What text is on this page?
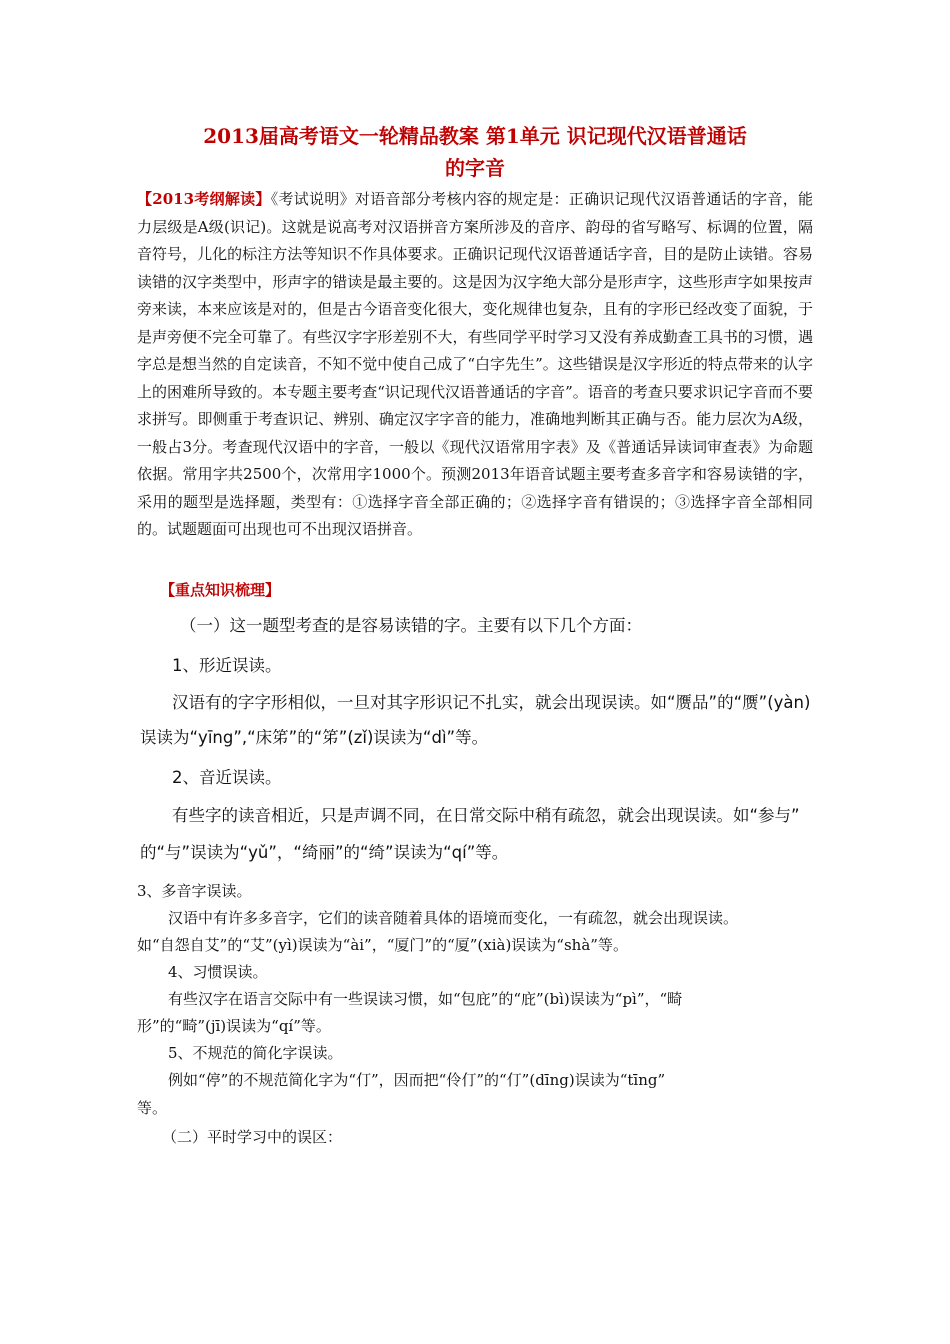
2013届高考语文一轮精品教案 第1单元 识记现代汉语普通话
的字音

【2013考纲解读】《考试说明》对语音部分考核内容的规定是：正确识记现代汉语普通话的字音，能力层级是A级(识记)。这就是说高考对汉语拼音方案所涉及的音序、韵母的省写略写、标调的位置，隔音符号，儿化的标注方法等知识不作具体要求。正确识记现代汉语普通话字音，目的是防止读错。容易读错的汉字类型中，形声字的错读是最主要的。这是因为汉字绝大部分是形声字，这些形声字如果按声旁来读，本来应该是对的，但是古今语音变化很大，变化规律也复杂，且有的字形已经改变了面貌，于是声旁便不完全可靠了。有些汉字字形差别不大，有些同学平时学习又没有养成勤查工具书的习惯，遇字总是想当然的自定读音，不知不觉中使自己成了“白字先生”。这些错误是汉字形近的特点带来的认字上的困难所导致的。本专题主要考查“识记现代汉语普通话的字音”。语音的考查只要求识记字音而不要求拼写。即侧重于考查识记、辨别、确定汉字字音的能力，准确地判断其正确与否。能力层次为A级，一般占3分。考查现代汉语中的字音，一般以《现代汉语常用字表》及《普通话异读词审查表》为命题依据。常用字共2500个，次常用字1000个。预测2013年语音试题主要考查多音字和容易读错的字，采用的题型是选择题，类型有：①选择字音全部正确的；②选择字音有错误的；③选择字音全部相同的。试题题面可出现也可不出现汉语拼音。

【重点知识梳理】
（一）这一题型考查的是容易读错的字。主要有以下几个方面：
1、形近误读。
汉语有的字字形相似，一旦对其字形识记不扎实，就会出现误读。如“赝品”的“赝”(yàn)
误读为“yīng”,“床笫”的“笫”(zǐ)误读为“dì”等。
2、音近误读。
有些字的读音相近，只是声调不同，在日常交际中稍有疏忽，就会出现误读。如“参与”
的“与”误读为“yǔ”，“绮丽”的“绮”误读为“qí”等。
3、多音字误读。
汉语中有许多多音字，它们的读音随着具体的语境而变化，一有疏忽，就会出现误读。
如“自怨自艾”的“艾”(yì)误读为“ài”，“厦门”的“厦”(xià)误读为“shà”等。
4、习惯误读。
有些汉字在语言交际中有一些误读习惯，如“包庇”的“庇”(bì)误读为“pì”，“畸
形”的“畸”(jī)误读为“qí”等。
5、不规范的简化字误读。
例如“停”的不规范简化字为“仃”，因而把“伶仃”的“仃”(dīng)误读为“tīng”
等。
（二）平时学习中的误区：
